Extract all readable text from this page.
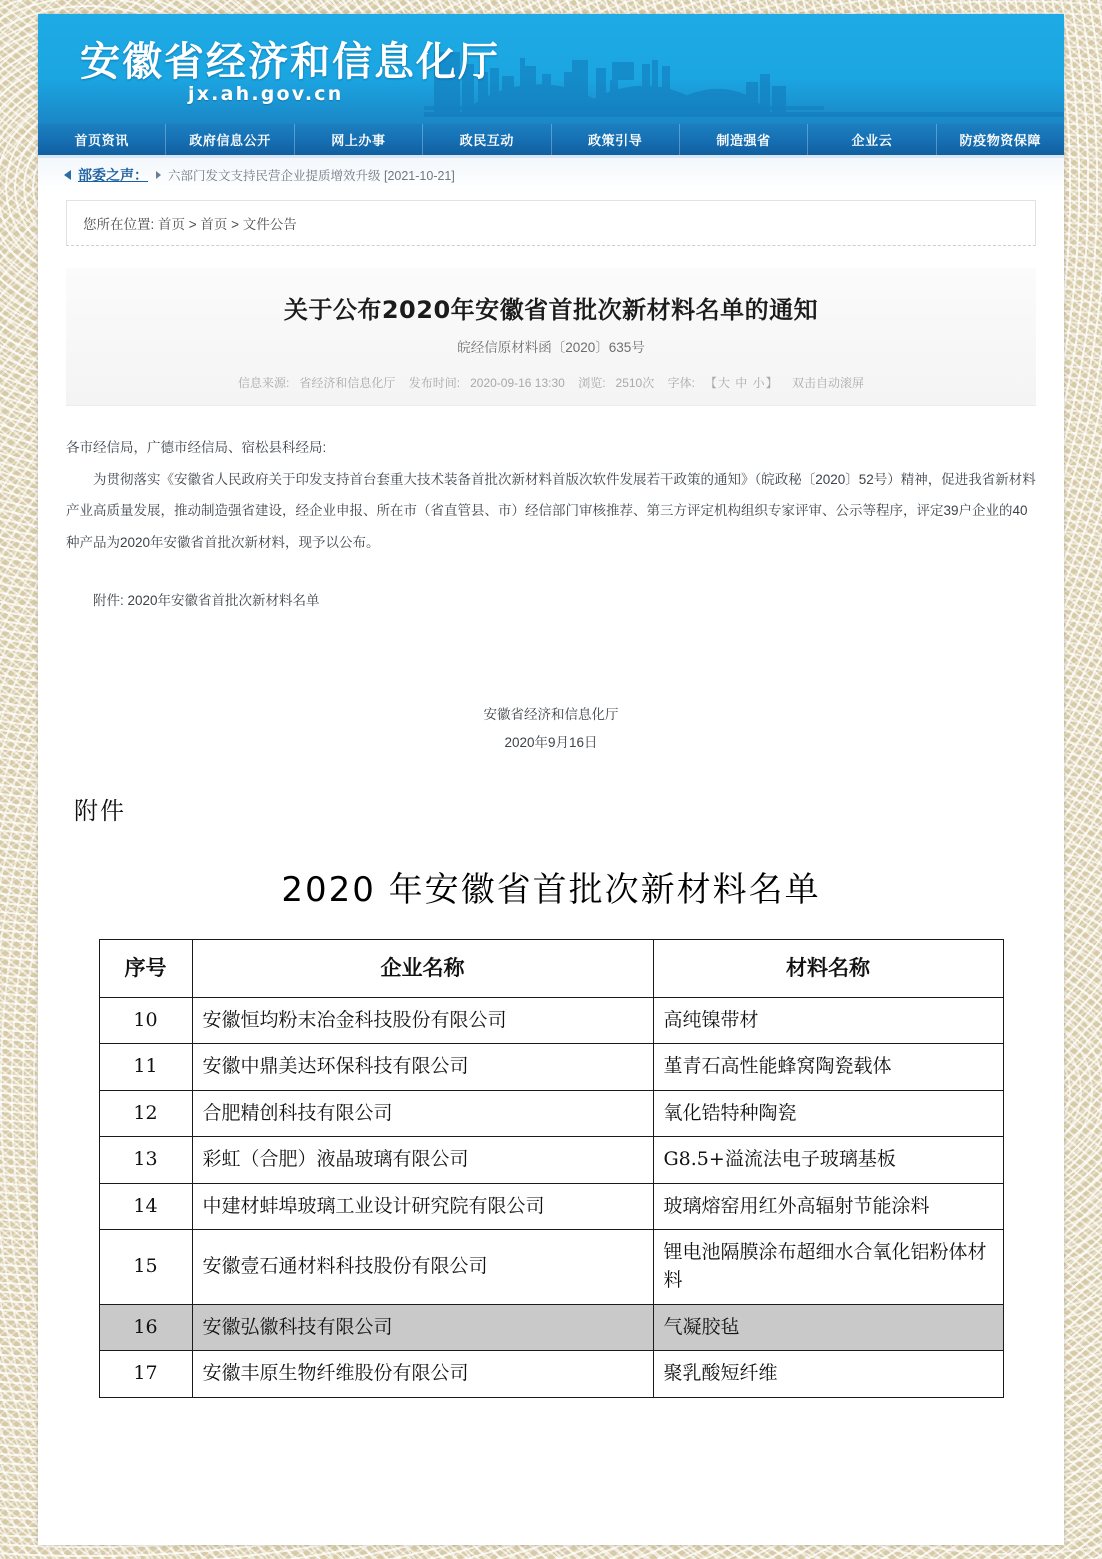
安徽省经济和信息化厅
jx.ah.gov.cn
首页资讯	政府信息公开	网上办事	政民互动	政策引导	制造强省	企业云	防疫物资保障
部委之声： 六部门发文支持民营企业提质增效升级 [2021-10-21]
您所在位置: 首页 > 首页 > 文件公告
关于公布2020年安徽省首批次新材料名单的通知
皖经信原材料函〔2020〕635号
信息来源: 省经济和信息化厅 发布时间: 2020-09-16 13:30 浏览: 2510次 字体: 【大 中 小】 双击自动滚屏
各市经信局，广德市经信局、宿松县科经局:
为贯彻落实《安徽省人民政府关于印发支持首台套重大技术装备首批次新材料首版次软件发展若干政策的通知》（皖政秘〔2020〕52号）精神，促进我省新材料产业高质量发展，推动制造强省建设，经企业申报、所在市（省直管县、市）经信部门审核推荐、第三方评定机构组织专家评审、公示等程序，评定39户企业的40种产品为2020年安徽省首批次新材料，现予以公布。
附件: 2020年安徽省首批次新材料名单
安徽省经济和信息化厅
2020年9月16日
附件
2020 年安徽省首批次新材料名单
序号	企业名称	材料名称
10	安徽恒均粉末冶金科技股份有限公司	高纯镍带材
11	安徽中鼎美达环保科技有限公司	堇青石高性能蜂窝陶瓷载体
12	合肥精创科技有限公司	氧化锆特种陶瓷
13	彩虹（合肥）液晶玻璃有限公司	G8.5+溢流法电子玻璃基板
14	中建材蚌埠玻璃工业设计研究院有限公司	玻璃熔窑用红外高辐射节能涂料
15	安徽壹石通材料科技股份有限公司	锂电池隔膜涂布超细水合氧化铝粉体材料
16	安徽弘徽科技有限公司	气凝胶毡
17	安徽丰原生物纤维股份有限公司	聚乳酸短纤维
